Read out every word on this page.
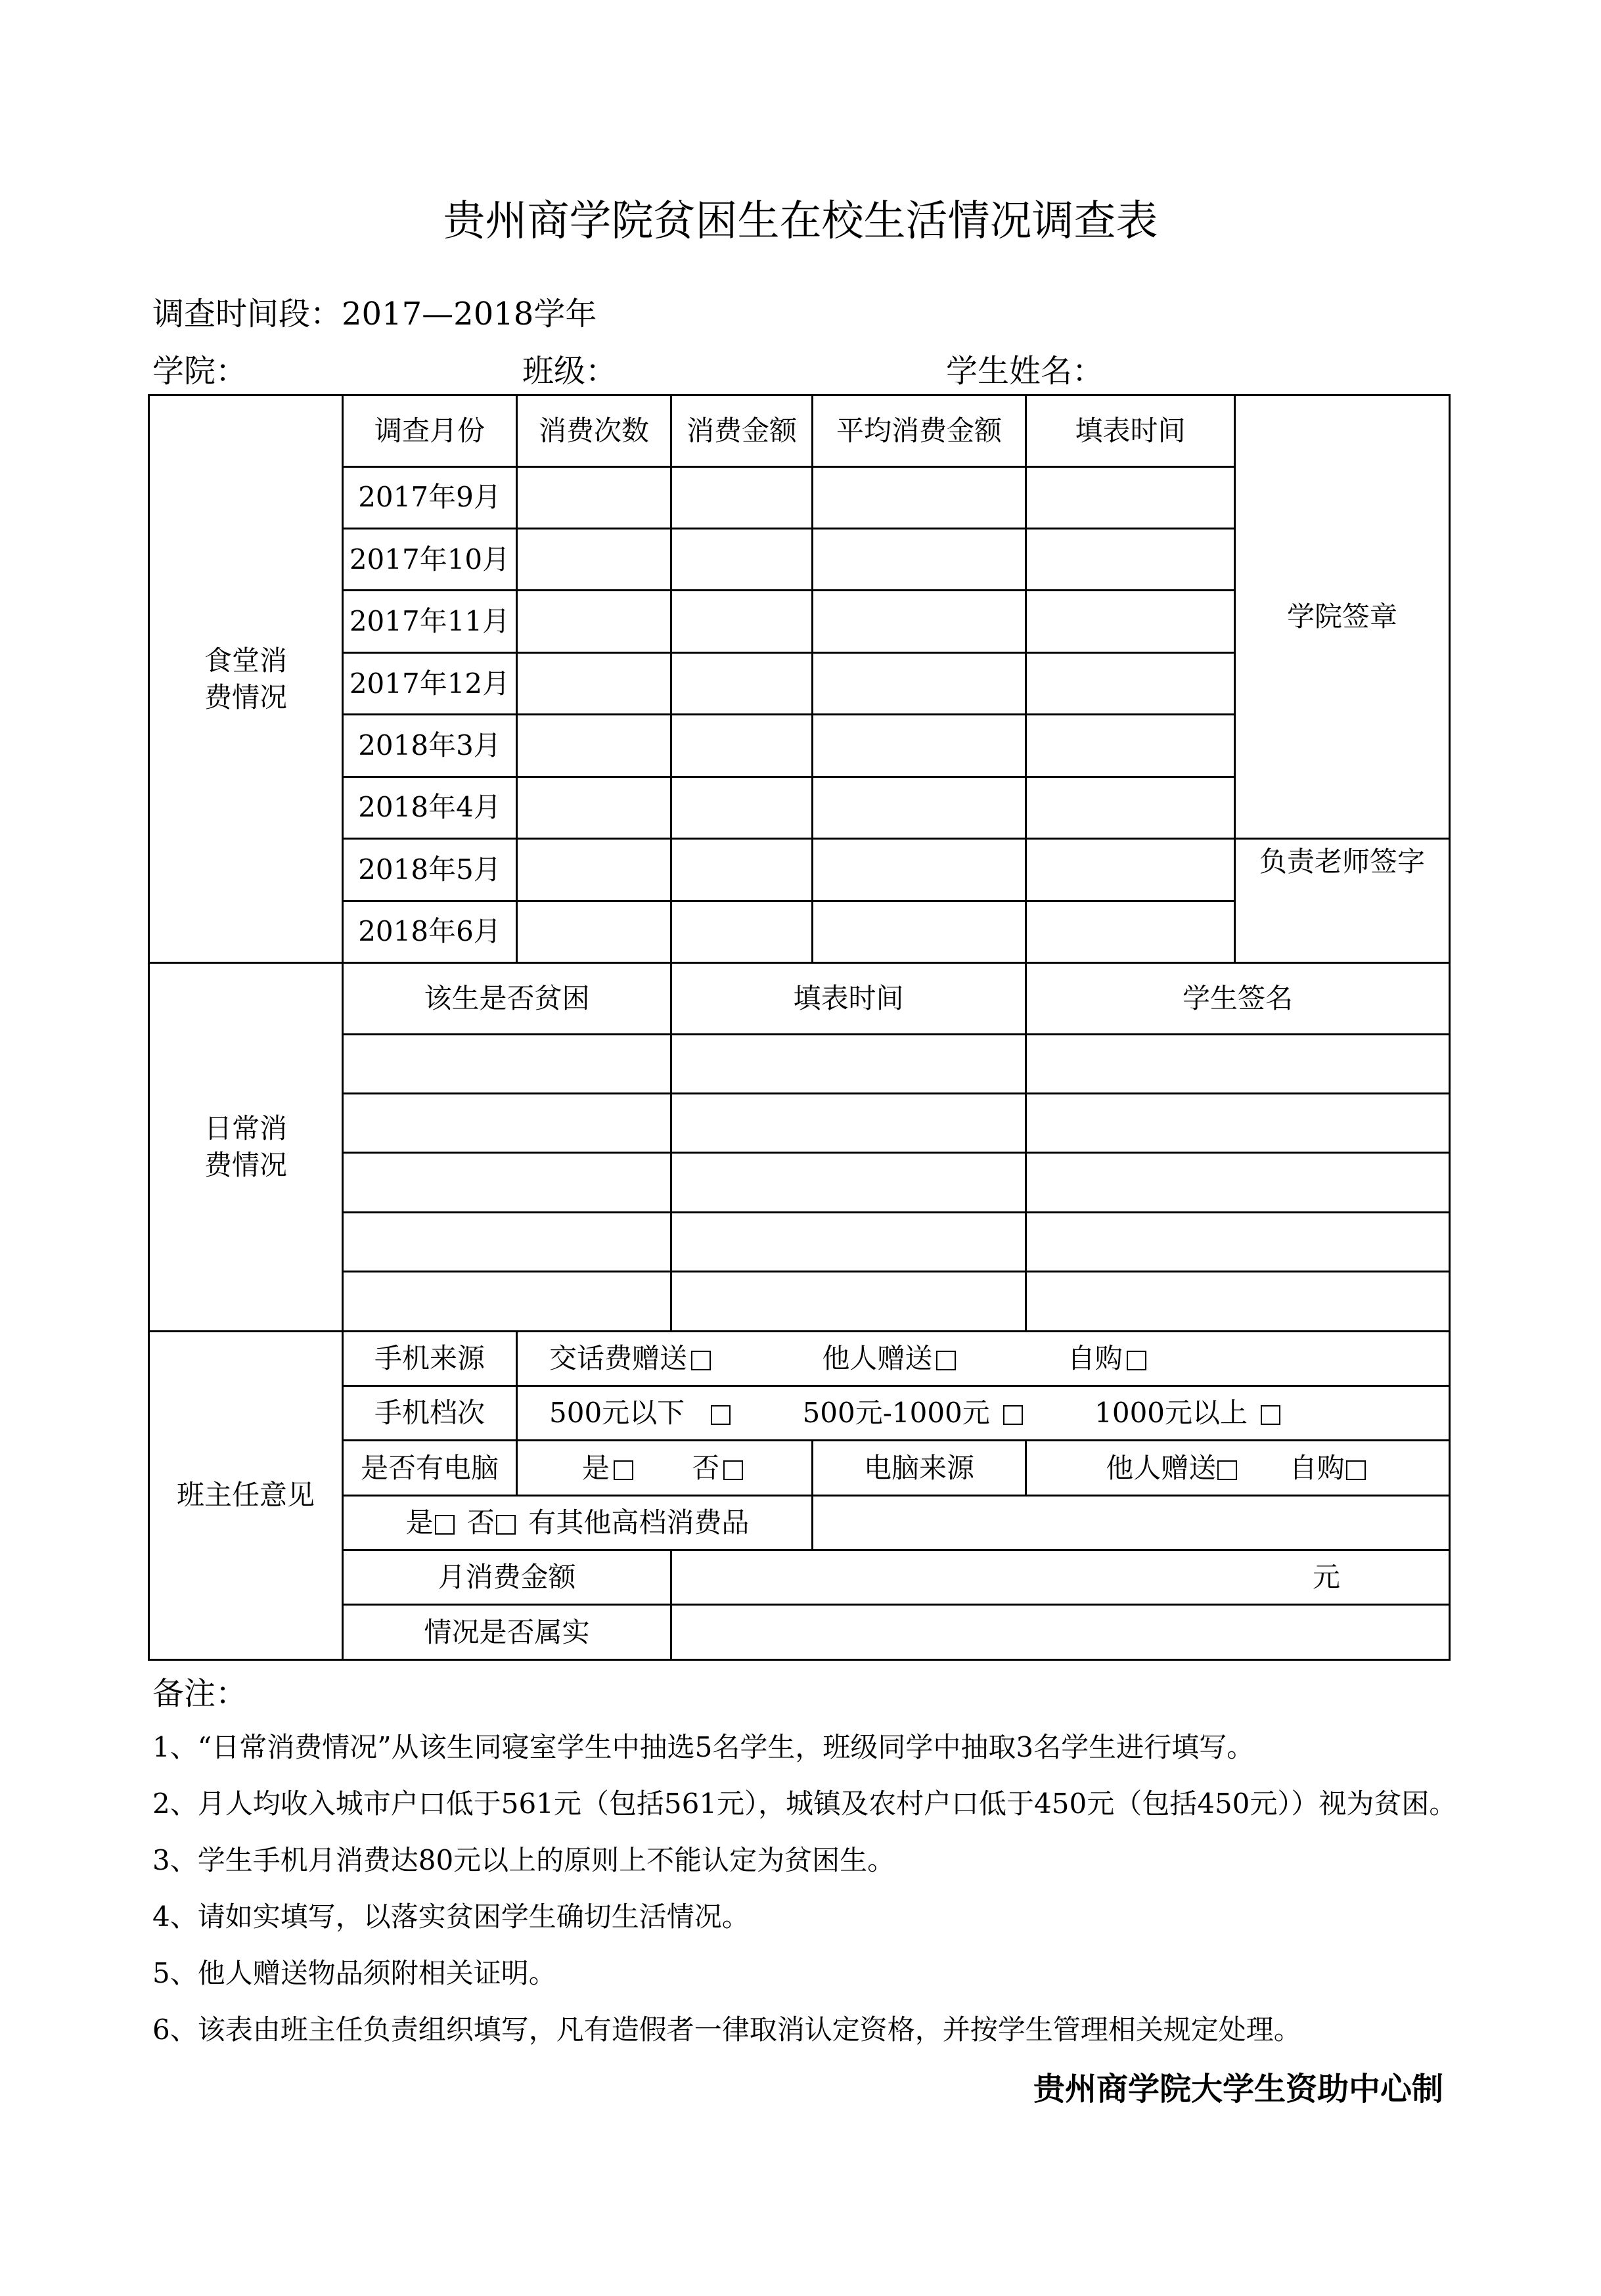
贵州商学院贫困生在校生活情况调查表
调查时间段：2017—2018学年
学院：	班级：	学生姓名：
食堂消费情况	调查月份	消费次数	消费金额	平均消费金额	填表时间	学院签章
	2017年9月					
	2017年10月					
	2017年11月					
	2017年12月					
	2018年3月					
	2018年4月					
	2018年5月					负责老师签字
	2018年6月					

日常消费情况	该生是否贫困		填表时间		学生签名	

班主任意见	手机来源	交话费赠送 他人赠送 自购				
	手机档次	500元以下 500元-1000元 1000元以上				
	是否有电脑	是 否		电脑来源	他人赠送 自购	
	是 否 有其他高档消费品					
	月消费金额		元			
	情况是否属实					
备注：
1、“日常消费情况”从该生同寝室学生中抽选5名学生，班级同学中抽取3名学生进行填写。
2、月人均收入城市户口低于561元（包括561元），城镇及农村户口低于450元（包括450元））视为贫困。
3、学生手机月消费达80元以上的原则上不能认定为贫困生。
4、请如实填写，以落实贫困学生确切生活情况。
5、他人赠送物品须附相关证明。
6、该表由班主任负责组织填写，凡有造假者一律取消认定资格，并按学生管理相关规定处理。
贵州商学院大学生资助中心制
